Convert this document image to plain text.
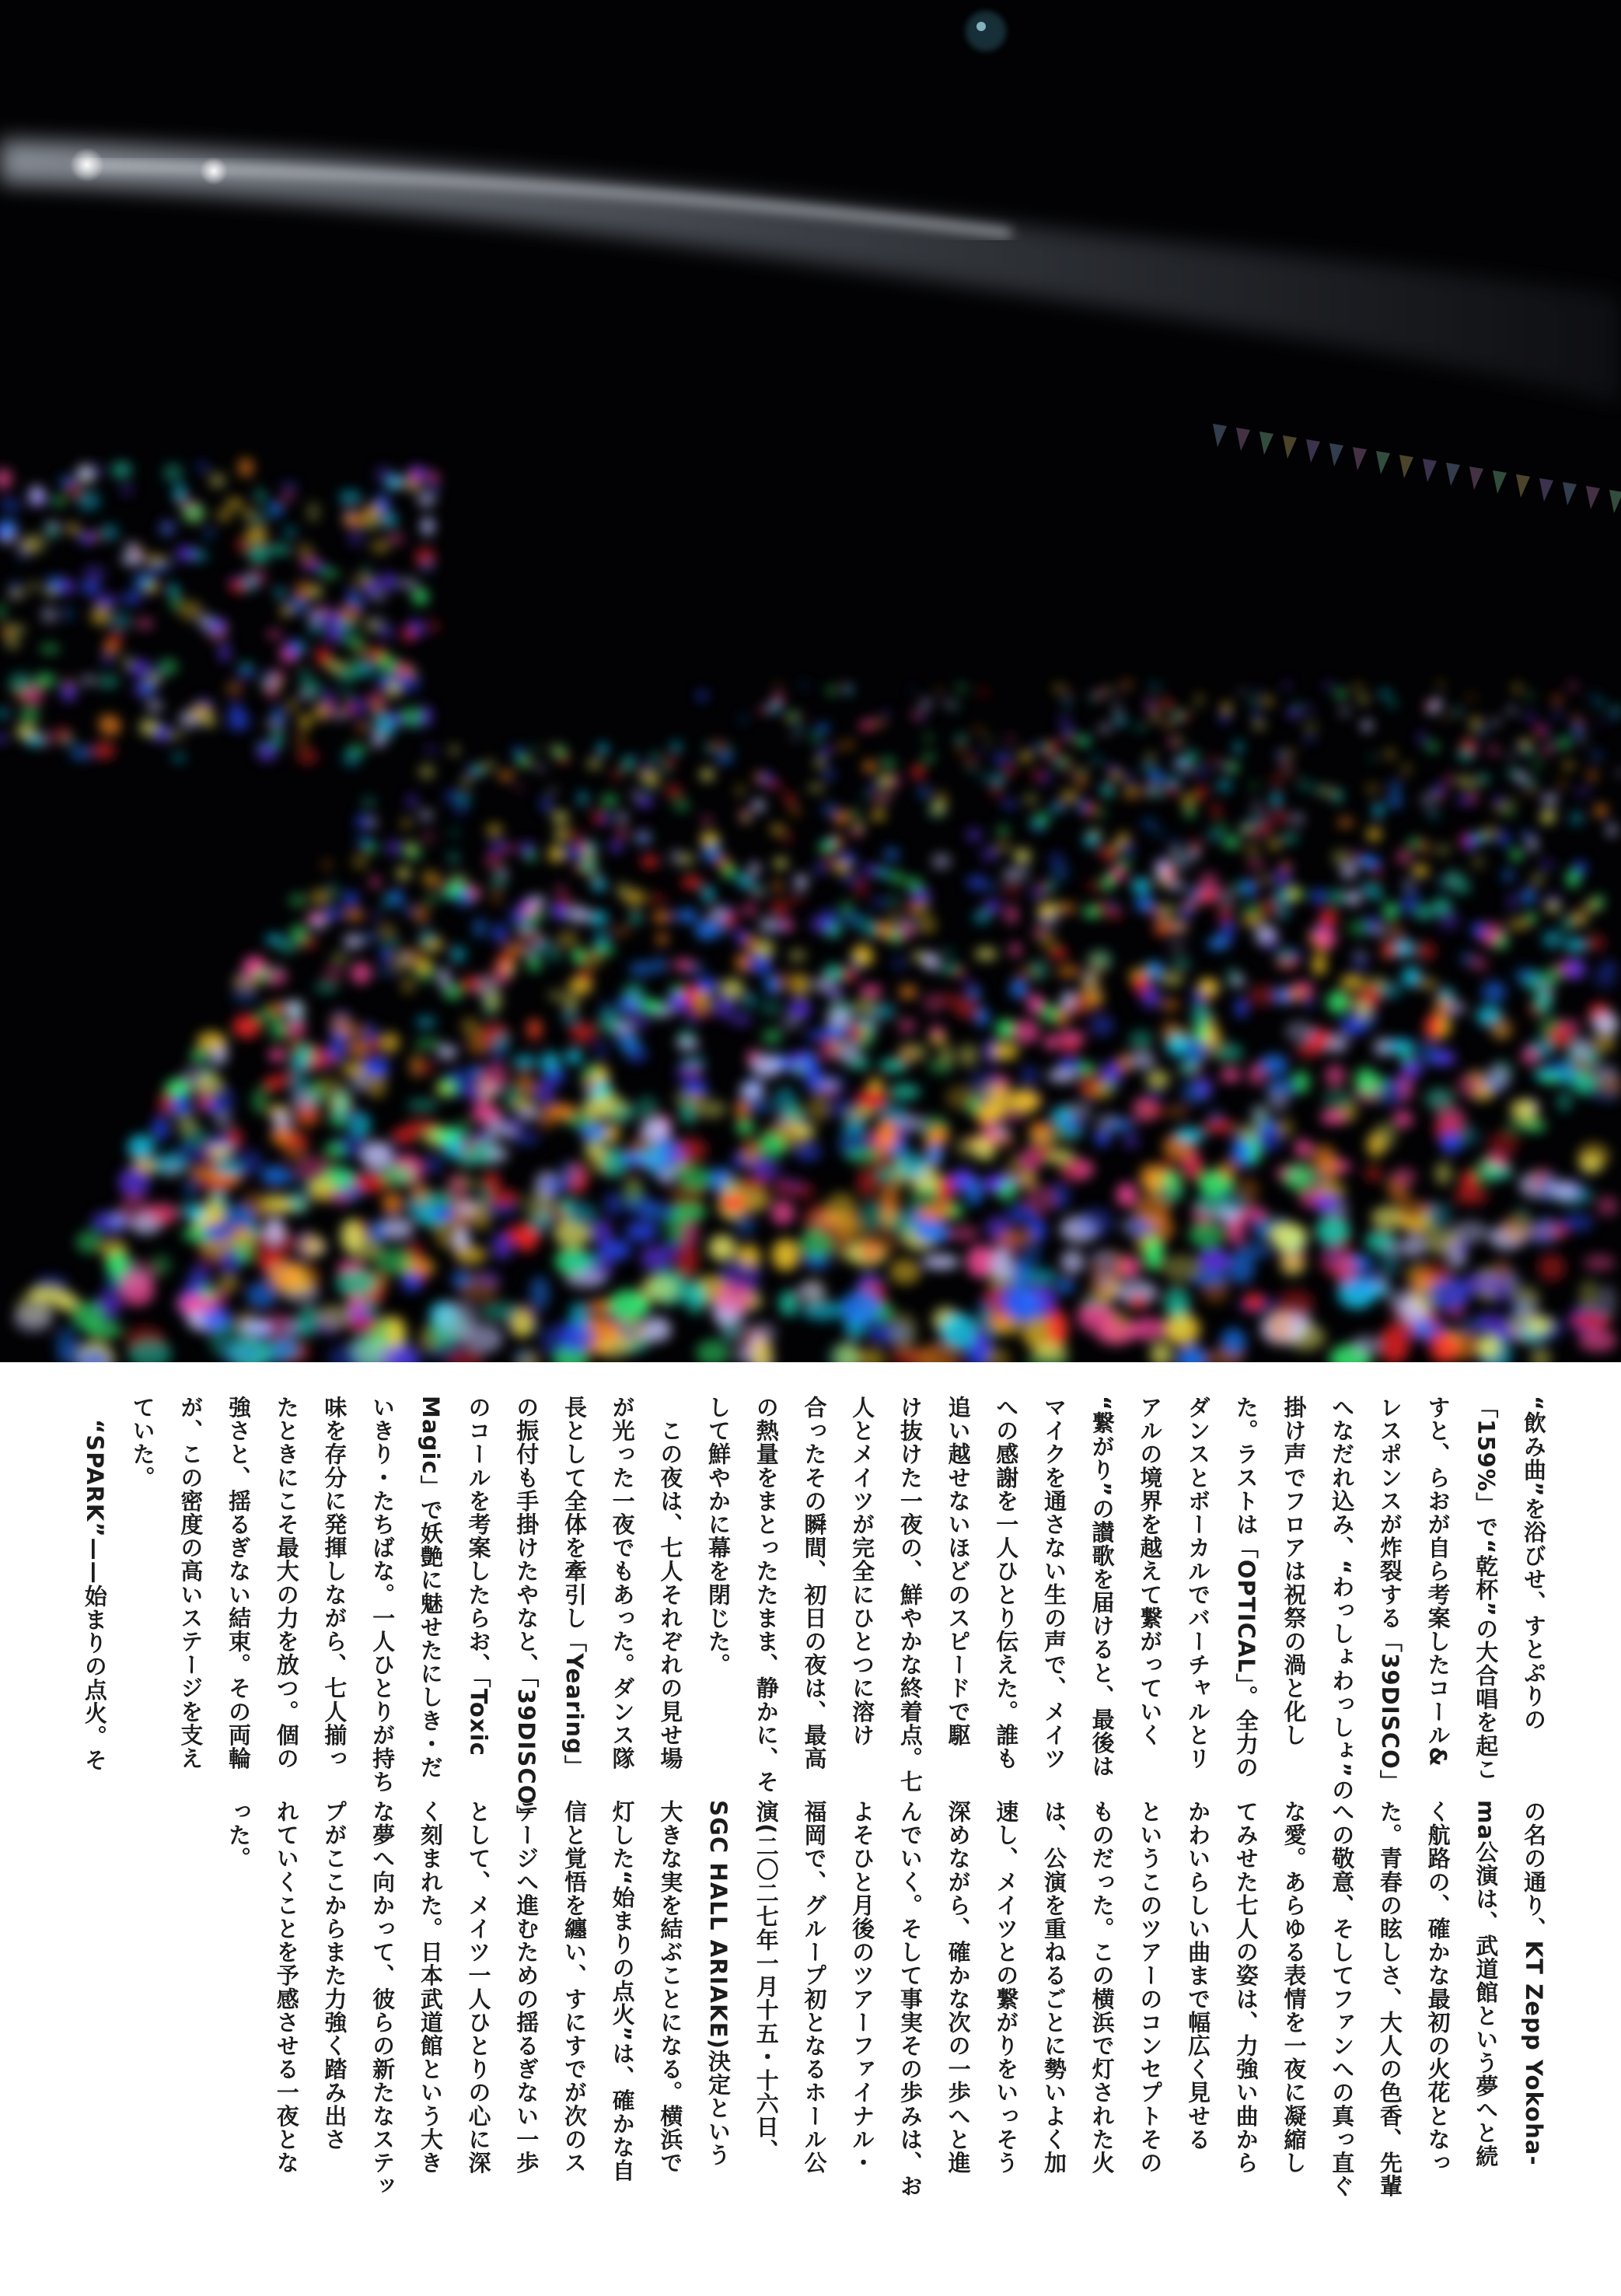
“飲み曲”を浴びせ、すとぷりの
「159%」で“乾杯”の大合唱を起こ
すと、らおが自ら考案したコール&
レスポンスが炸裂する「39DISCO」
へなだれ込み、“わっしょわっしょ”の
掛け声でフロアは祝祭の渦と化し
た。ラストは「OPTICAL」。全力の
ダンスとボーカルでバーチャルとリ
アルの境界を越えて繋がっていく
“繋がり”の讃歌を届けると、最後は
マイクを通さない生の声で、メイツ
への感謝を一人ひとり伝えた。誰も
追い越せないほどのスピードで駆
け抜けた一夜の、鮮やかな終着点。七
人とメイツが完全にひとつに溶け
合ったその瞬間、初日の夜は、最高
の熱量をまとったたまま、静かに、そ
して鮮やかに幕を閉じた。
　この夜は、七人それぞれの見せ場
が光った一夜でもあった。ダンス隊
長として全体を牽引し「Yearing」
の振付も手掛けたやなと、「39DISCO」
のコールを考案したらお、「Toxic
Magic」で妖艶に魅せたにしき・だ
いきり・たちばな。一人ひとりが持ち
味を存分に発揮しながら、七人揃っ
たときにこそ最大の力を放つ。個の
強さと、揺るぎない結束。その両輪
が、この密度の高いステージを支え
ていた。
　“SPARK”——始まりの点火。そ
の名の通り、KT Zepp Yokoha-
ma公演は、武道館という夢へと続
く航路の、確かな最初の火花となっ
た。青春の眩しさ、大人の色香、先輩
への敬意、そしてファンへの真っ直ぐ
な愛。あらゆる表情を一夜に凝縮し
てみせた七人の姿は、力強い曲から
かわいらしい曲まで幅広く見せる
というこのツアーのコンセプトその
ものだった。この横浜で灯された火
は、公演を重ねるごとに勢いよく加
速し、メイツとの繋がりをいっそう
深めながら、確かな次の一歩へと進
んでいく。そして事実その歩みは、お
よそひと月後のツアーファイナル・
福岡で、グループ初となるホール公
演(二〇二七年一月十五・十六日、
SGC HALL ARIAKE)決定という
大きな実を結ぶことになる。横浜で
灯した“始まりの点火”は、確かな自
信と覚悟を纏い、すにすでが次のス
テージへ進むための揺るぎない一歩
として、メイツ一人ひとりの心に深
く刻まれた。日本武道館という大き
な夢へ向かって、彼らの新たなステッ
プがここからまた力強く踏み出さ
れていくことを予感させる一夜とな
った。
